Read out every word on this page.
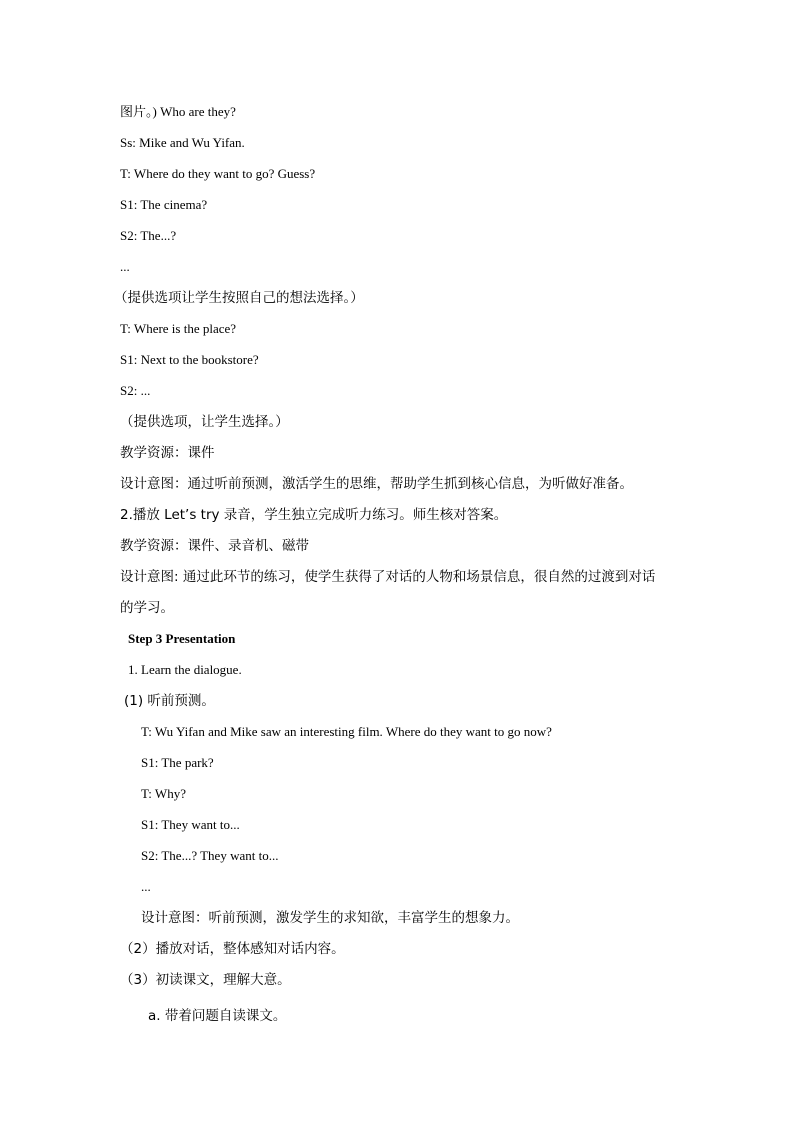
图片。) Who are they?
Ss: Mike and Wu Yifan.
T: Where do they want to go? Guess?
S1: The cinema?
S2: The...?
...
（提供选项让学生按照自己的想法选择。）
T: Where is the place?
S1: Next to the bookstore?
S2: ...
（提供选项，让学生选择。）
教学资源：课件
设计意图：通过听前预测，激活学生的思维，帮助学生抓到核心信息，为听做好准备。
2.播放 Let’s try 录音，学生独立完成听力练习。师生核对答案。
教学资源：课件、录音机、磁带
设计意图: 通过此环节的练习，使学生获得了对话的人物和场景信息，很自然的过渡到对话
的学习。
Step 3 Presentation
1. Learn the dialogue.
(1) 听前预测。
T: Wu Yifan and Mike saw an interesting film. Where do they want to go now?
S1: The park?
T: Why?
S1: They want to...
S2: The...? They want to...
...
设计意图：听前预测，激发学生的求知欲，丰富学生的想象力。
（2）播放对话，整体感知对话内容。
（3）初读课文，理解大意。
a. 带着问题自读课文。
